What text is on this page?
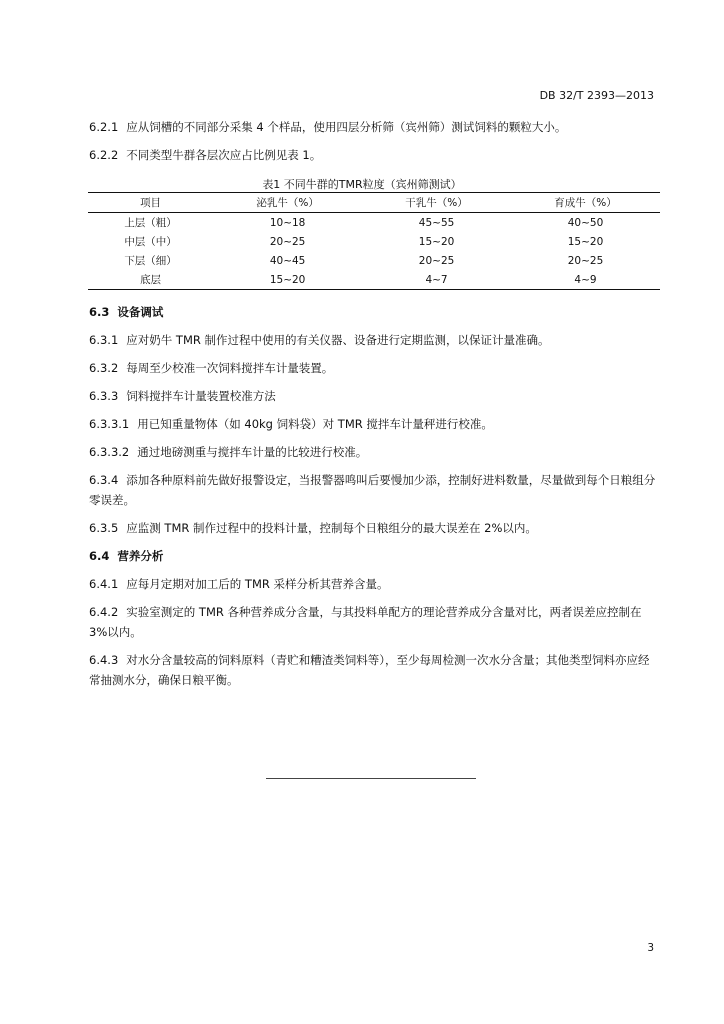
DB 32/T 2393—2013
6.2.1 应从饲槽的不同部分采集 4 个样品，使用四层分析筛（宾州筛）测试饲料的颗粒大小。
6.2.2 不同类型牛群各层次应占比例见表 1。
表1 不同牛群的TMR粒度（宾州筛测试）
项目	泌乳牛（%）	干乳牛（%）	育成牛（%）
上层（粗）	10~18	45~55	40~50
中层（中）	20~25	15~20	15~20
下层（细）	40~45	20~25	20~25
底层	15~20	4~7	4~9
6.3 设备调试
6.3.1 应对奶牛 TMR 制作过程中使用的有关仪器、设备进行定期监测，以保证计量准确。
6.3.2 每周至少校准一次饲料搅拌车计量装置。
6.3.3 饲料搅拌车计量装置校准方法
6.3.3.1 用已知重量物体（如 40kg 饲料袋）对 TMR 搅拌车计量秤进行校准。
6.3.3.2 通过地磅测重与搅拌车计量的比较进行校准。
6.3.4 添加各种原料前先做好报警设定，当报警器鸣叫后要慢加少添，控制好进料数量，尽量做到每个日粮组分零误差。
6.3.5 应监测 TMR 制作过程中的投料计量，控制每个日粮组分的最大误差在 2%以内。
6.4 营养分析
6.4.1 应每月定期对加工后的 TMR 采样分析其营养含量。
6.4.2 实验室测定的 TMR 各种营养成分含量，与其投料单配方的理论营养成分含量对比，两者误差应控制在 3%以内。
6.4.3 对水分含量较高的饲料原料（青贮和糟渣类饲料等），至少每周检测一次水分含量；其他类型饲料亦应经常抽测水分，确保日粮平衡。
3
